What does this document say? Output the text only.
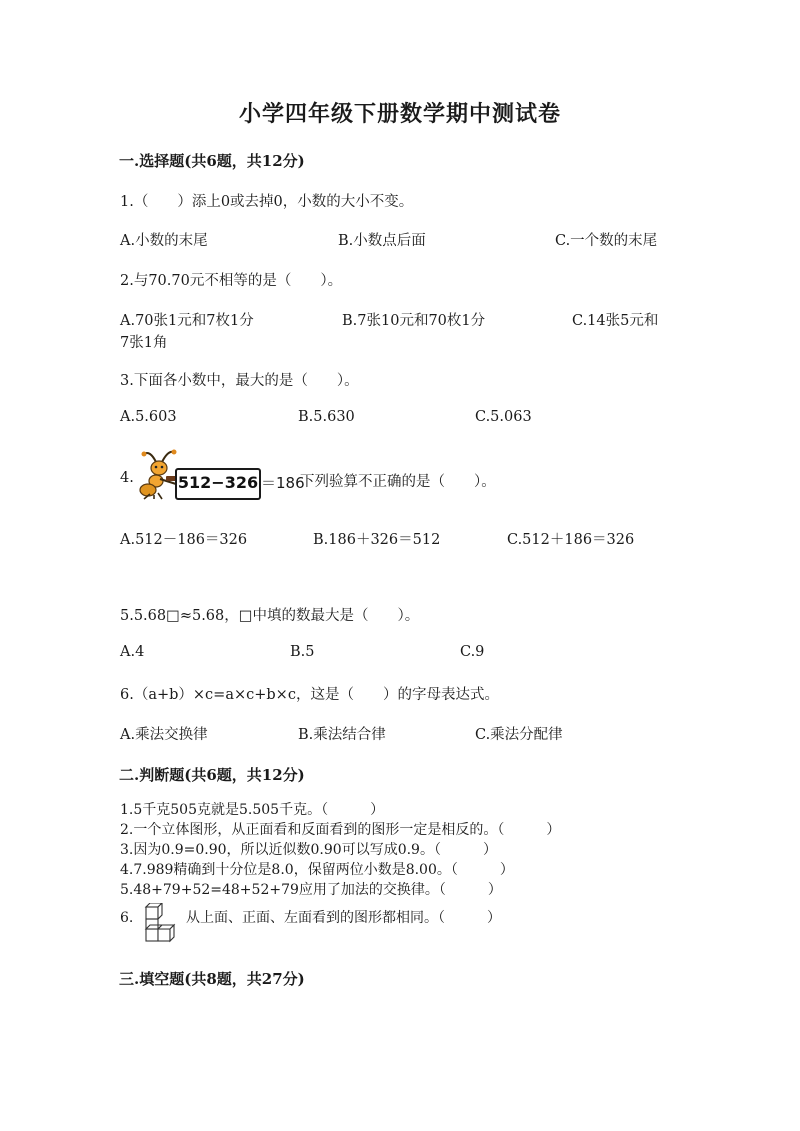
小学四年级下册数学期中测试卷
一.选择题(共6题，共12分)
1.（　　）添上0或去掉0，小数的大小不变。
A.小数的末尾	B.小数点后面	C.一个数的末尾
2.与70.70元不相等的是（　　）。
A.70张1元和7枚1分	B.7张10元和70枚1分	C.14张5元和
7张1角
3.下面各小数中，最大的是（　　）。
A.5.603	B.5.630	C.5.063
4.	512−326 ＝186
下列验算不正确的是（　　）。
A.512－186＝326	B.186＋326＝512	C.512＋186＝326
5.5.68□≈5.68，□中填的数最大是（　　）。
A.4	B.5	C.9
6.（a+b）×c=a×c+b×c，这是（　　）的字母表达式。
A.乘法交换律	B.乘法结合律	C.乘法分配律
二.判断题(共6题，共12分)
1.5千克505克就是5.505千克。（　　　）
2.一个立体图形，从正面看和反面看到的图形一定是相反的。（　　　）
3.因为0.9=0.90，所以近似数0.90可以写成0.9。（　　　）
4.7.989精确到十分位是8.0，保留两位小数是8.00。（　　　）
5.48+79+52=48+52+79应用了加法的交换律。（　　　）
6.	从上面、正面、左面看到的图形都相同。（　　　）
三.填空题(共8题，共27分)
